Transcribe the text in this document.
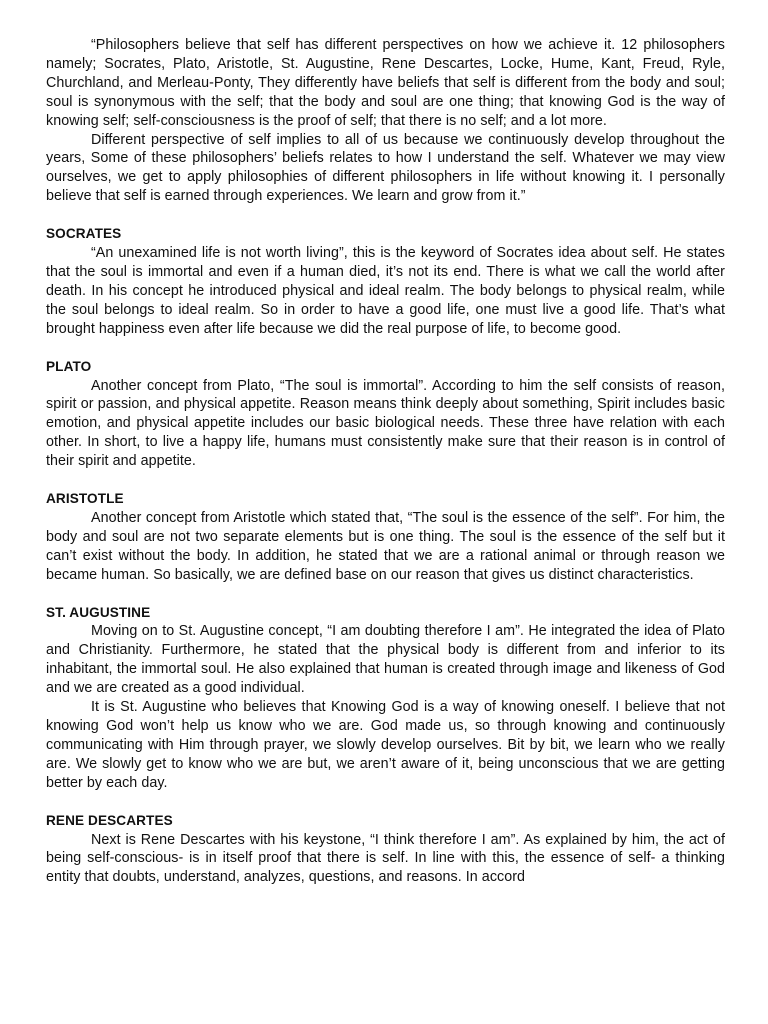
“Philosophers believe that self has different perspectives on how we achieve it. 12 philosophers namely; Socrates, Plato, Aristotle, St. Augustine, Rene Descartes, Locke, Hume, Kant, Freud, Ryle, Churchland, and Merleau-Ponty, They differently have beliefs that self is different from the body and soul; soul is synonymous with the self; that the body and soul are one thing; that knowing God is the way of knowing self; self-consciousness is the proof of self; that there is no self; and a lot more.

Different perspective of self implies to all of us because we continuously develop throughout the years, Some of these philosophers’ beliefs relates to how I understand the self. Whatever we may view ourselves, we get to apply philosophies of different philosophers in life without knowing it. I personally believe that self is earned through experiences. We learn and grow from it.”

SOCRATES

“An unexamined life is not worth living”, this is the keyword of Socrates idea about self. He states that the soul is immortal and even if a human died, it’s not its end. There is what we call the world after death. In his concept he introduced physical and ideal realm. The body belongs to physical realm, while the soul belongs to ideal realm. So in order to have a good life, one must live a good life. That’s what brought happiness even after life because we did the real purpose of life, to become good.

PLATO

Another concept from Plato, “The soul is immortal”. According to him the self consists of reason, spirit or passion, and physical appetite. Reason means think deeply about something, Spirit includes basic emotion, and physical appetite includes our basic biological needs. These three have relation with each other. In short, to live a happy life, humans must consistently make sure that their reason is in control of their spirit and appetite.

ARISTOTLE

Another concept from Aristotle which stated that, “The soul is the essence of the self”. For him, the body and soul are not two separate elements but is one thing. The soul is the essence of the self but it can’t exist without the body. In addition, he stated that we are a rational animal or through reason we became human. So basically, we are defined base on our reason that gives us distinct characteristics.

ST. AUGUSTINE

Moving on to St. Augustine concept, “I am doubting therefore I am”. He integrated the idea of Plato and Christianity. Furthermore, he stated that the physical body is different from and inferior to its inhabitant, the immortal soul. He also explained that human is created through image and likeness of God and we are created as a good individual.

It is St. Augustine who believes that Knowing God is a way of knowing oneself. I believe that not knowing God won’t help us know who we are. God made us, so through knowing and continuously communicating with Him through prayer, we slowly develop ourselves. Bit by bit, we learn who we really are. We slowly get to know who we are but, we aren’t aware of it, being unconscious that we are getting better by each day.

RENE DESCARTES

Next is Rene Descartes with his keystone, “I think therefore I am”. As explained by him, the act of being self-conscious- is in itself proof that there is self. In line with this, the essence of self- a thinking entity that doubts, understand, analyzes, questions, and reasons. In accord
